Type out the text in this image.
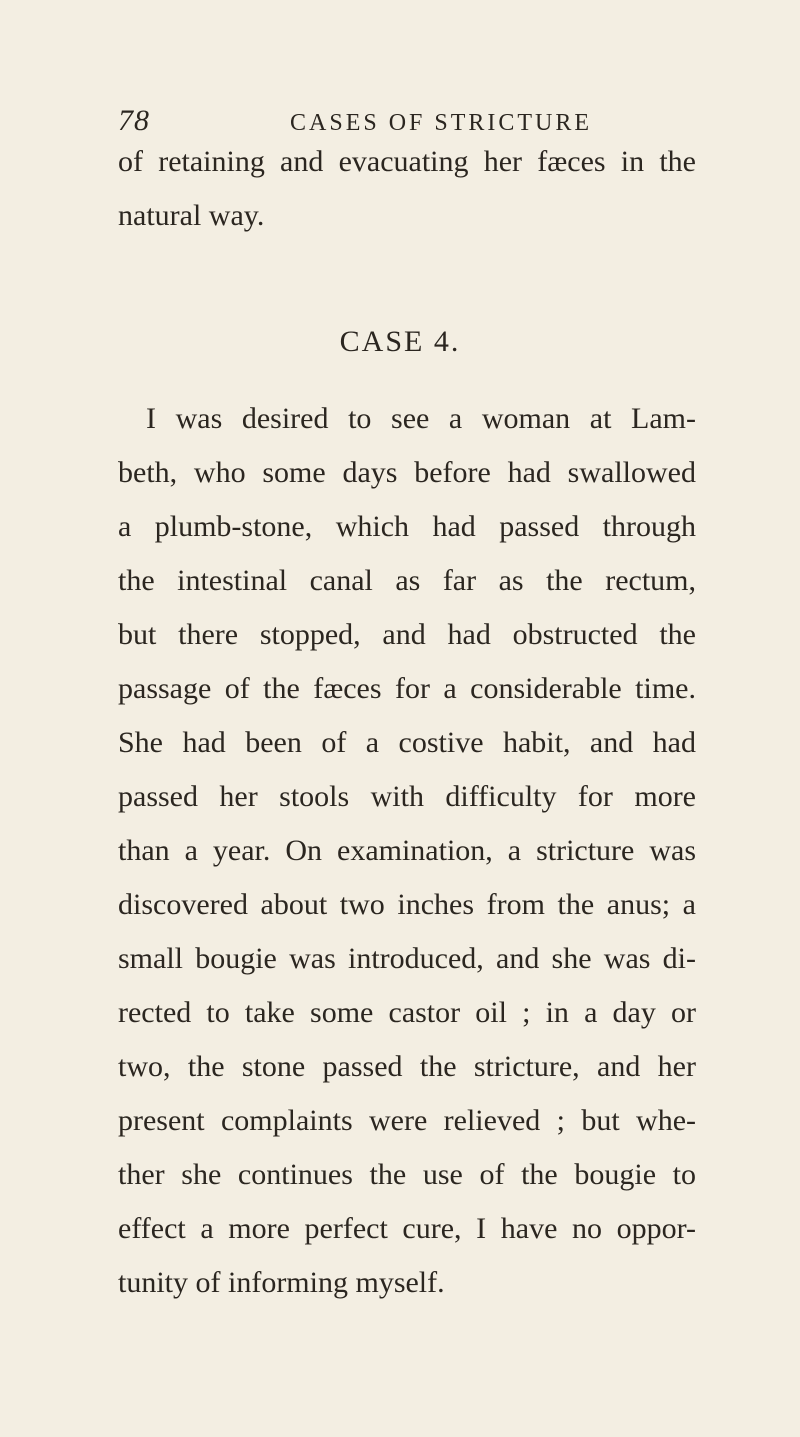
78	CASES OF STRICTURE
of retaining and evacuating her fæces in the
natural way.
CASE 4.
I was desired to see a woman at Lam-
beth, who some days before had swallowed
a plumb-stone, which had passed through
the intestinal canal as far as the rectum,
but there stopped, and had obstructed the
passage of the fæces for a considerable time.
She had been of a costive habit, and had
passed her stools with difficulty for more
than a year. On examination, a stricture was
discovered about two inches from the anus; a
small bougie was introduced, and she was di-
rected to take some castor oil ; in a day or
two, the stone passed the stricture, and her
present complaints were relieved ; but whe-
ther she continues the use of the bougie to
effect a more perfect cure, I have no oppor-
tunity of informing myself.
